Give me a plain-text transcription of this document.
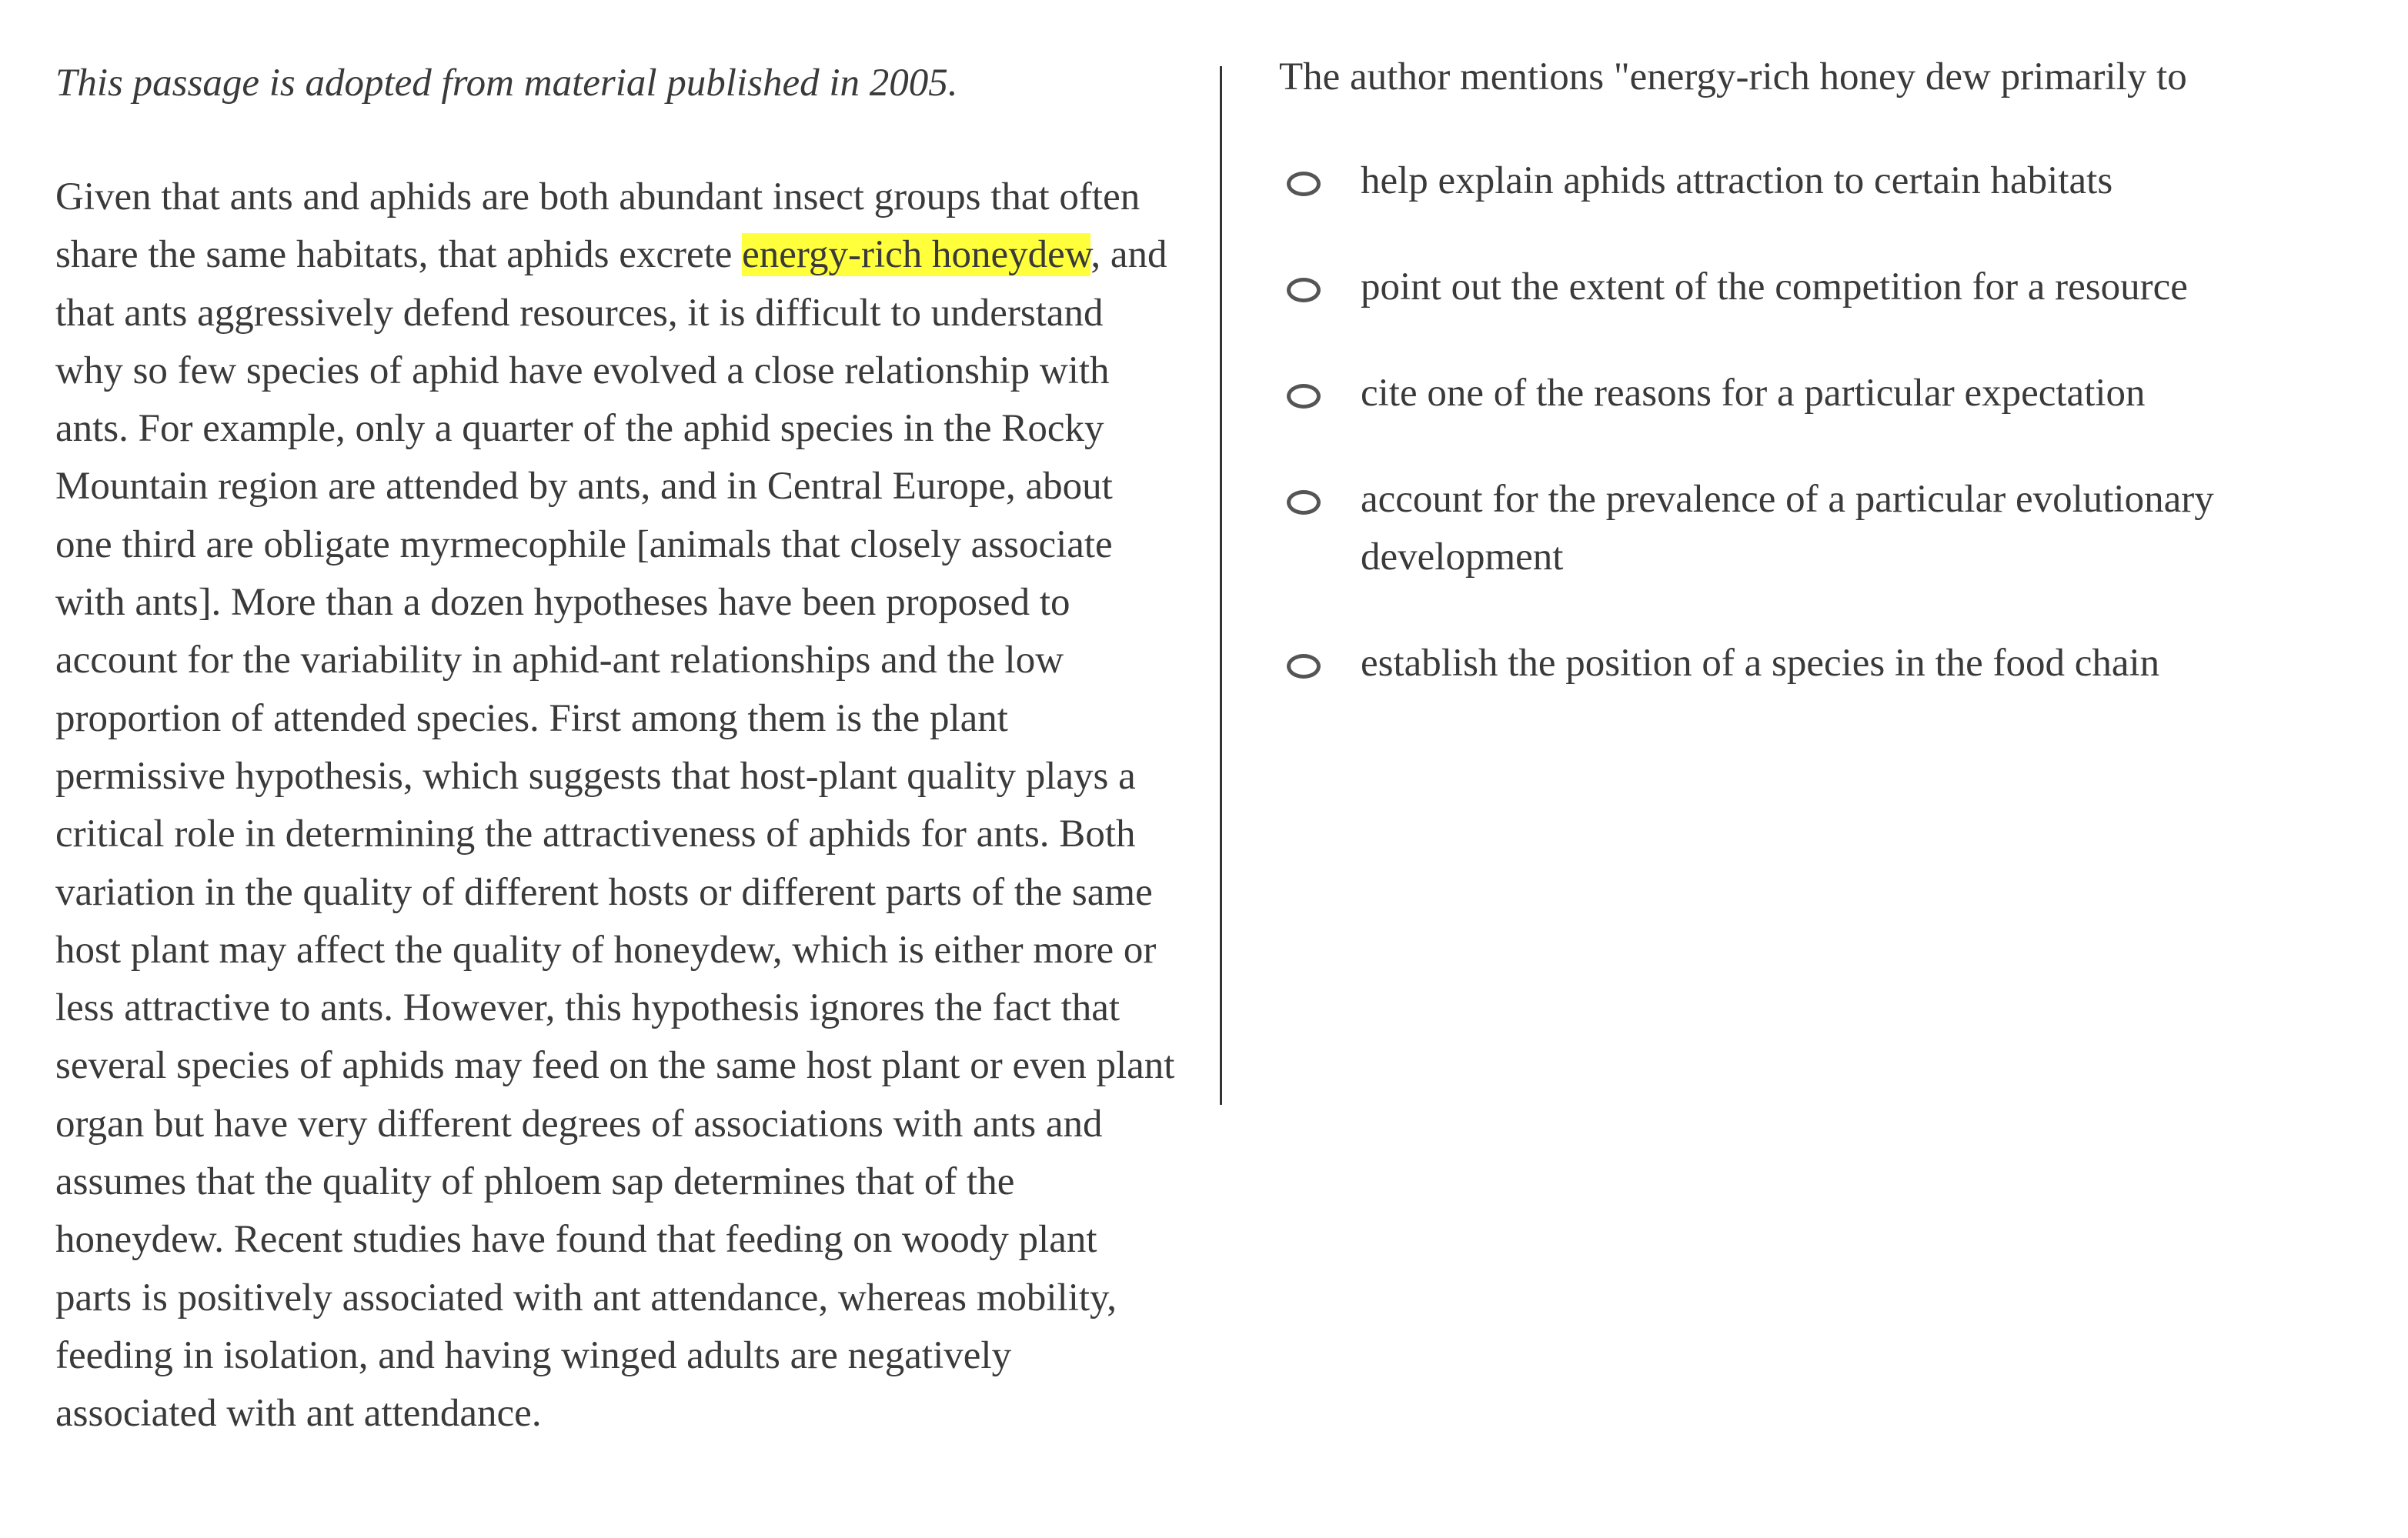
This passage is adopted from material published in 2005.

Given that ants and aphids are both abundant insect groups that often share the same habitats, that aphids excrete energy-rich honeydew, and that ants aggressively defend resources, it is difficult to understand why so few species of aphid have evolved a close relationship with ants. For example, only a quarter of the aphid species in the Rocky Mountain region are attended by ants, and in Central Europe, about one third are obligate myrmecophile [animals that closely associate with ants]. More than a dozen hypotheses have been proposed to account for the variability in aphid-ant relationships and the low proportion of attended species. First among them is the plant permissive hypothesis, which suggests that host-plant quality plays a critical role in determining the attractiveness of aphids for ants. Both variation in the quality of different hosts or different parts of the same host plant may affect the quality of honeydew, which is either more or less attractive to ants. However, this hypothesis ignores the fact that several species of aphids may feed on the same host plant or even plant organ but have very different degrees of associations with ants and assumes that the quality of phloem sap determines that of the honeydew. Recent studies have found that feeding on woody plant parts is positively associated with ant attendance, whereas mobility, feeding in isolation, and having winged adults are negatively associated with ant attendance.

The author mentions "energy-rich honey dew primarily to

help explain aphids attraction to certain habitats
point out the extent of the competition for a resource
cite one of the reasons for a particular expectation
account for the prevalence of a particular evolutionary development
establish the position of a species in the food chain
